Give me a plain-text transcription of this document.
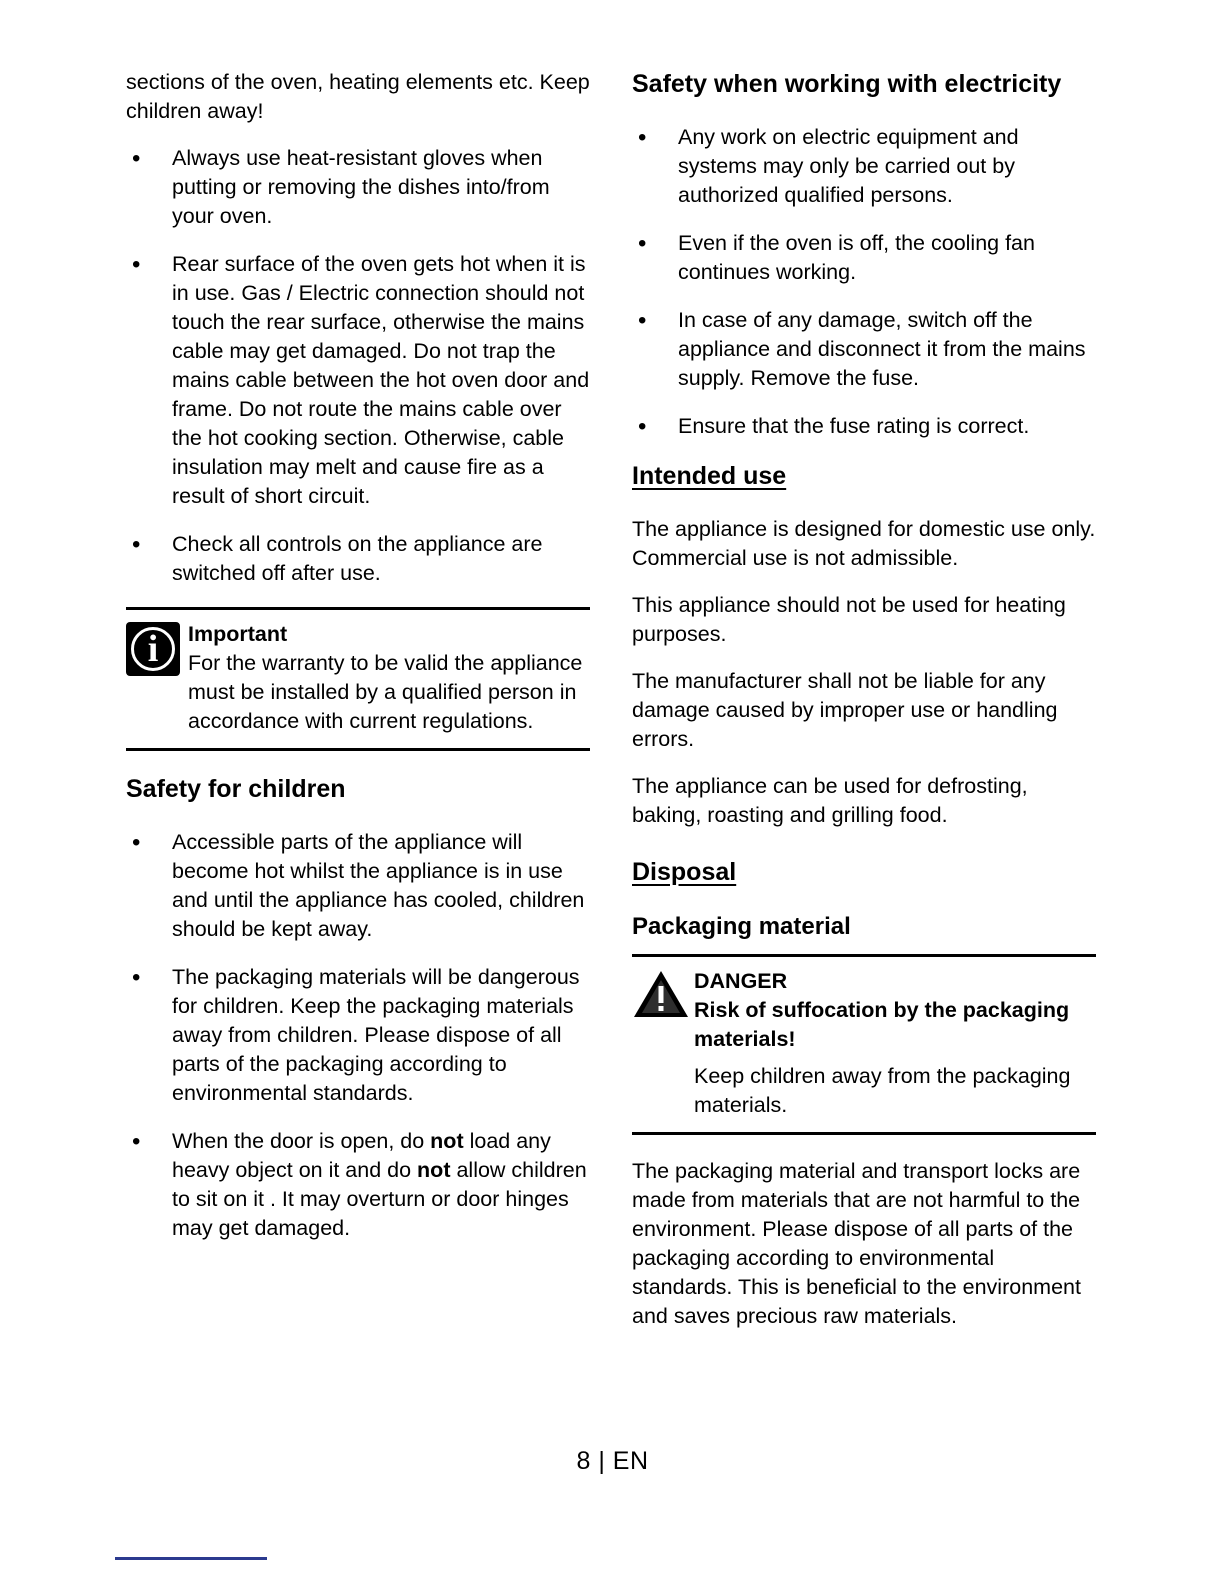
sections of the oven, heating elements etc. Keep children away!

•	Always use heat-resistant gloves when putting or removing the dishes into/from your oven.
•	Rear surface of the oven gets hot when it is in use. Gas / Electric connection should not touch the rear surface, otherwise the mains cable may get damaged. Do not trap the mains cable between the hot oven door and frame. Do not route the mains cable over the hot cooking section. Otherwise, cable insulation may melt and cause fire as a result of short circuit.
•	Check all controls on the appliance are switched off after use.
i	Important
For the warranty to be valid the appliance must be installed by a qualified person in accordance with current regulations.
Safety for children
•	Accessible parts of the appliance will become hot whilst the appliance is in use and until the appliance has cooled, children should be kept away.
•	The packaging materials will be dangerous for children. Keep the packaging materials away from children. Please dispose of all parts of the packaging according to environmental standards.
•	When the door is open, do not load any heavy object on it and do not allow children to sit on it . It may overturn or door hinges may get damaged.
Safety when working with electricity
•	Any work on electric equipment and systems may only be carried out by authorized qualified persons.
•	Even if the oven is off, the cooling fan continues working.
•	In case of any damage, switch off the appliance and disconnect it from the mains supply. Remove the fuse.
•	Ensure that the fuse rating is correct.
Intended use

The appliance is designed for domestic use only. Commercial use is not admissible.

This appliance should not be used for heating purposes.

The manufacturer shall not be liable for any damage caused by improper use or handling errors.

The appliance can be used for defrosting, baking, roasting and grilling food.

Disposal
Packaging material
DANGER
Risk of suffocation by the packaging materials!
Keep children away from the packaging materials.

The packaging material and transport locks are made from materials that are not harmful to the environment. Please dispose of all parts of the packaging according to environmental standards. This is beneficial to the environment and saves precious raw materials.

8 | EN
